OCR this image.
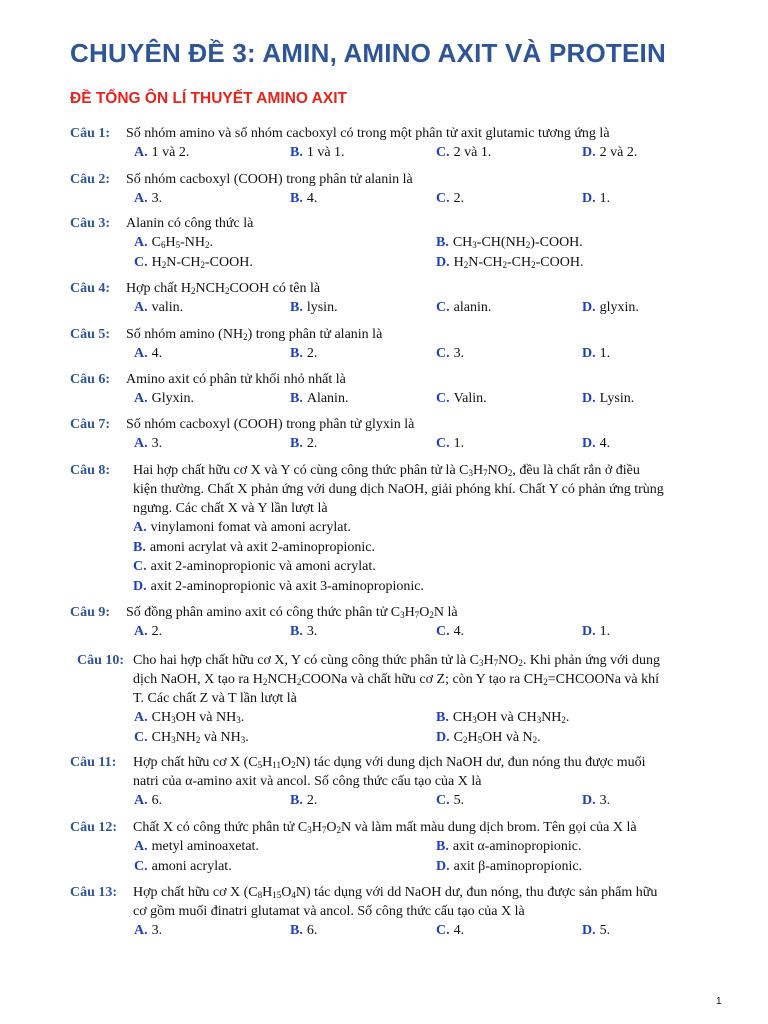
CHUYÊN ĐỀ 3: AMIN, AMINO AXIT VÀ PROTEIN
ĐỀ TỔNG ÔN LÍ THUYẾT AMINO AXIT
Câu 1: Số nhóm amino và số nhóm cacboxyl có trong một phân tử axit glutamic tương ứng là
A. 1 và 2.	B. 1 và 1.	C. 2 và 1.	D. 2 và 2.
Câu 2: Số nhóm cacboxyl (COOH) trong phân tử alanin là
A. 3.	B. 4.	C. 2.	D. 1.
Câu 3: Alanin có công thức là
A. $C_6H_5-NH_2$.	B. $CH_3-CH(NH_2)$-COOH.
C. $H_2N-CH_2$-COOH.	D. $H_2N-CH_2-CH_2$-COOH.
Câu 4: Hợp chất $H_2NCH_2COOH$ có tên là
A. valin.	B. lysin.	C. alanin.	D. glyxin.
Câu 5: Số nhóm amino $(NH_2)$ trong phân tử alanin là
A. 4.	B. 2.	C. 3.	D. 1.
Câu 6: Amino axit có phân tử khối nhỏ nhất là
A. Glyxin.	B. Alanin.	C. Valin.	D. Lysin.
Câu 7: Số nhóm cacboxyl (COOH) trong phân tử glyxin là
A. 3.	B. 2.	C. 1.	D. 4.
Câu 8: Hai hợp chất hữu cơ X và Y có cùng công thức phân tử là $C_3H_7NO_2$, đều là chất rắn ở điều
kiện thường. Chất X phản ứng với dung dịch NaOH, giải phóng khí. Chất Y có phản ứng trùng
ngưng. Các chất X và Y lần lượt là
A. vinylamoni fomat và amoni acrylat.
B. amoni acrylat và axit 2-aminopropionic.
C. axit 2-aminopropionic và amoni acrylat.
D. axit 2-aminopropionic và axit 3-aminopropionic.
Câu 9: Số đồng phân amino axit có công thức phân tử $C_3H_7O_2N$ là
A. 2.	B. 3.	C. 4.	D. 1.
Câu 10: Cho hai hợp chất hữu cơ X, Y có cùng công thức phân tử là $C_3H_7NO_2$. Khi phản ứng với dung
dịch NaOH, X tạo ra $H_2NCH_2COONa$ và chất hữu cơ Z; còn Y tạo ra $CH_2=CHCOONa$ và khí
T. Các chất Z và T lần lượt là
A. $CH_3OH$ và $NH_3$.	B. $CH_3OH$ và $CH_3NH_2$.
C. $CH_3NH_2$ và $NH_3$.	D. $C_2H_5OH$ và $N_2$.
Câu 11: Hợp chất hữu cơ X $(C_5H_{11}O_2N)$ tác dụng với dung dịch NaOH dư, đun nóng thu được muối
natri của α-amino axit và ancol. Số công thức cấu tạo của X là
A. 6.	B. 2.	C. 5.	D. 3.
Câu 12: Chất X có công thức phân tử $C_3H_7O_2N$ và làm mất màu dung dịch brom. Tên gọi của X là
A. metyl aminoaxetat.	B. axit α-aminopropionic.
C. amoni acrylat.	D. axit β-aminopropionic.
Câu 13: Hợp chất hữu cơ X $(C_8H_{15}O_4N)$ tác dụng với dd NaOH dư, đun nóng, thu được sản phẩm hữu
cơ gồm muối đinatri glutamat và ancol. Số công thức cấu tạo của X là
A. 3.	B. 6.	C. 4.	D. 5.
1
